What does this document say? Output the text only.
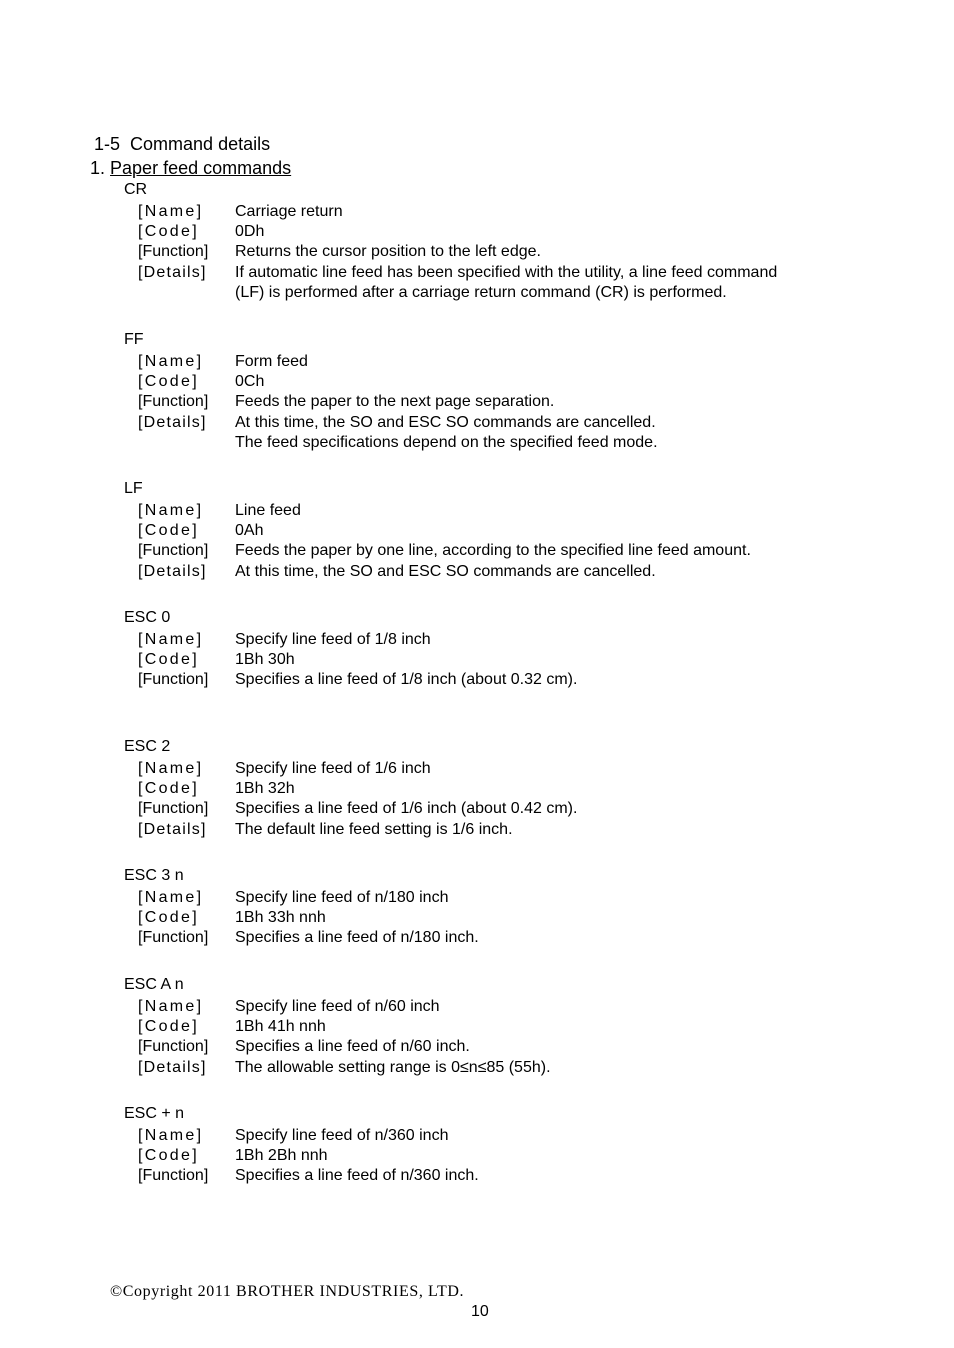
1-5 Command details
1. Paper feed commands
CR
[Name]	Carriage return
[Code]	0Dh
[Function]	Returns the cursor position to the left edge.
[Details]	If automatic line feed has been specified with the utility, a line feed command
(LF) is performed after a carriage return command (CR) is performed.
FF
[Name]	Form feed
[Code]	0Ch
[Function]	Feeds the paper to the next page separation.
[Details]	At this time, the SO and ESC SO commands are cancelled.
The feed specifications depend on the specified feed mode.
LF
[Name]	Line feed
[Code]	0Ah
[Function]	Feeds the paper by one line, according to the specified line feed amount.
[Details]	At this time, the SO and ESC SO commands are cancelled.
ESC 0
[Name]	Specify line feed of 1/8 inch
[Code]	1Bh 30h
[Function]	Specifies a line feed of 1/8 inch (about 0.32 cm).
ESC 2
[Name]	Specify line feed of 1/6 inch
[Code]	1Bh 32h
[Function]	Specifies a line feed of 1/6 inch (about 0.42 cm).
[Details]	The default line feed setting is 1/6 inch.
ESC 3 n
[Name]	Specify line feed of n/180 inch
[Code]	1Bh 33h nnh
[Function]	Specifies a line feed of n/180 inch.
ESC A n
[Name]	Specify line feed of n/60 inch
[Code]	1Bh 41h nnh
[Function]	Specifies a line feed of n/60 inch.
[Details]	The allowable setting range is 0≤n≤85 (55h).
ESC + n
[Name]	Specify line feed of n/360 inch
[Code]	1Bh 2Bh nnh
[Function]	Specifies a line feed of n/360 inch.
©Copyright 2011 BROTHER INDUSTRIES, LTD.
10
